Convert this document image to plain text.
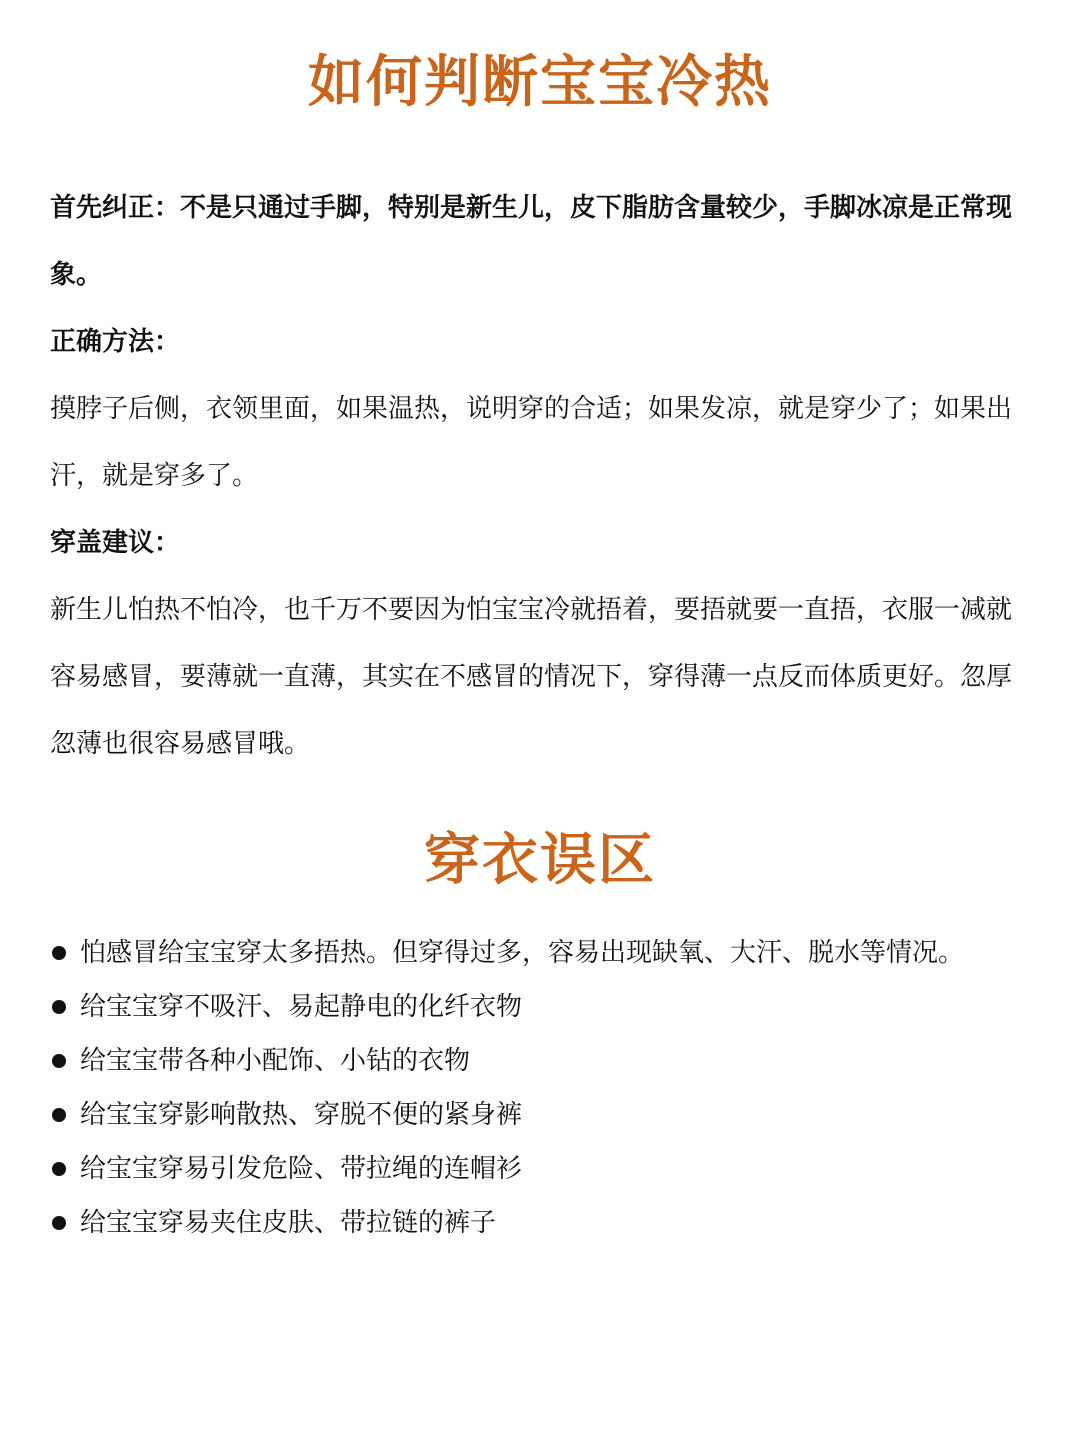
如何判断宝宝冷热

首先纠正：不是只通过手脚，特别是新生儿，皮下脂肪含量较少，手脚冰凉是正常现象。

正确方法：

摸脖子后侧，衣领里面，如果温热，说明穿的合适；如果发凉，就是穿少了；如果出汗，就是穿多了。

穿盖建议：

新生儿怕热不怕冷，也千万不要因为怕宝宝冷就捂着，要捂就要一直捂，衣服一减就容易感冒，要薄就一直薄，其实在不感冒的情况下，穿得薄一点反而体质更好。忽厚忽薄也很容易感冒哦。

穿衣误区
怕感冒给宝宝穿太多捂热。但穿得过多，容易出现缺氧、大汗、脱水等情况。
给宝宝穿不吸汗、易起静电的化纤衣物
给宝宝带各种小配饰、小钻的衣物
给宝宝穿影响散热、穿脱不便的紧身裤
给宝宝穿易引发危险、带拉绳的连帽衫
给宝宝穿易夹住皮肤、带拉链的裤子
